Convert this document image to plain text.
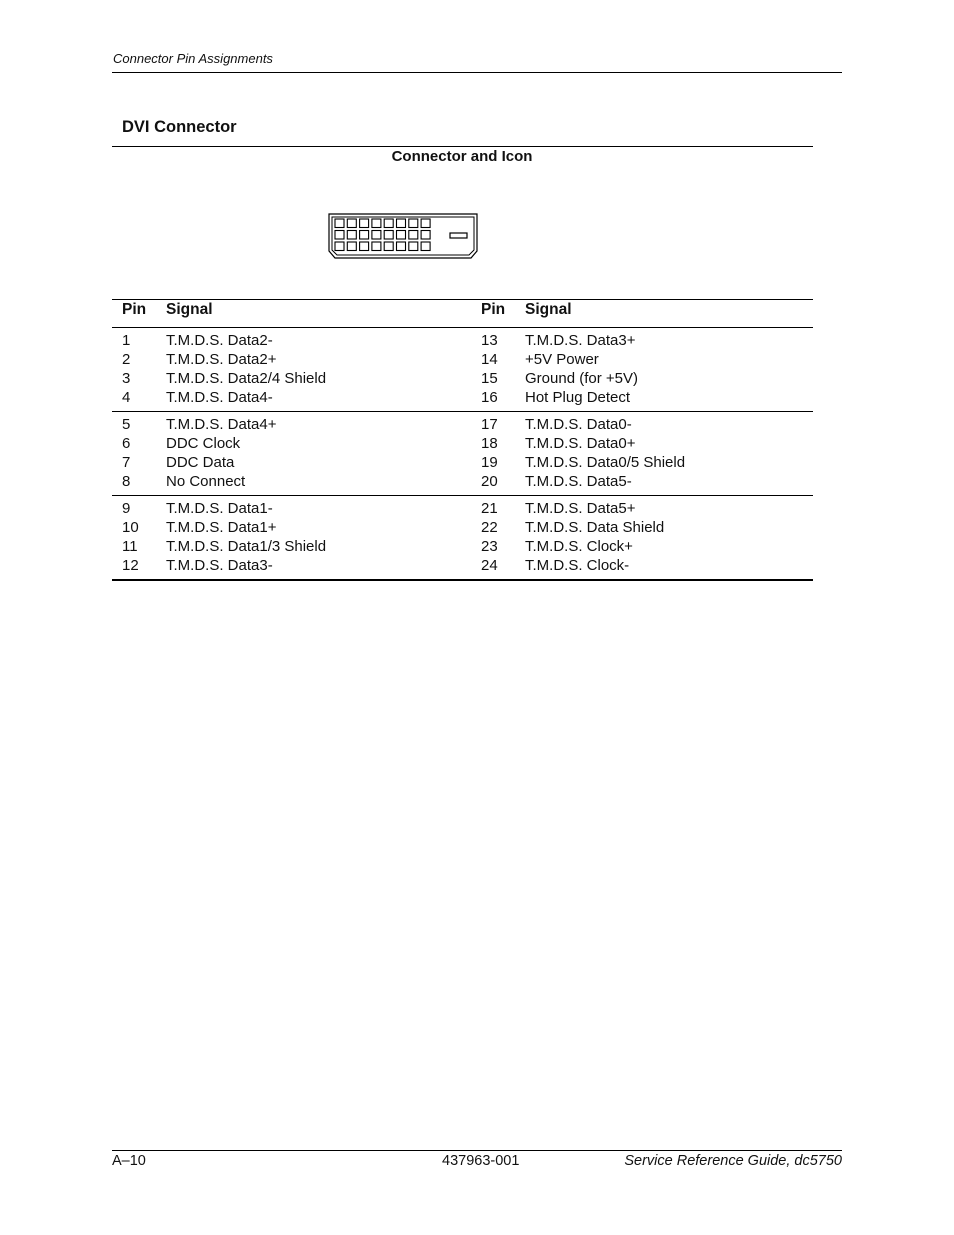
Connector Pin Assignments
DVI Connector
Connector and Icon
Pin Signal	Pin Signal
1 T.M.D.S. Data2-	13 T.M.D.S. Data3+
2 T.M.D.S. Data2+	14 +5V Power
3 T.M.D.S. Data2/4 Shield	15 Ground (for +5V)
4 T.M.D.S. Data4-	16 Hot Plug Detect
5 T.M.D.S. Data4+	17 T.M.D.S. Data0-
6 DDC Clock	18 T.M.D.S. Data0+
7 DDC Data	19 T.M.D.S. Data0/5 Shield
8 No Connect	20 T.M.D.S. Data5-
9 T.M.D.S. Data1-	21 T.M.D.S. Data5+
10 T.M.D.S. Data1+	22 T.M.D.S. Data Shield
11 T.M.D.S. Data1/3 Shield	23 T.M.D.S. Clock+
12 T.M.D.S. Data3-	24 T.M.D.S. Clock-
A–10	437963-001	Service Reference Guide, dc5750
